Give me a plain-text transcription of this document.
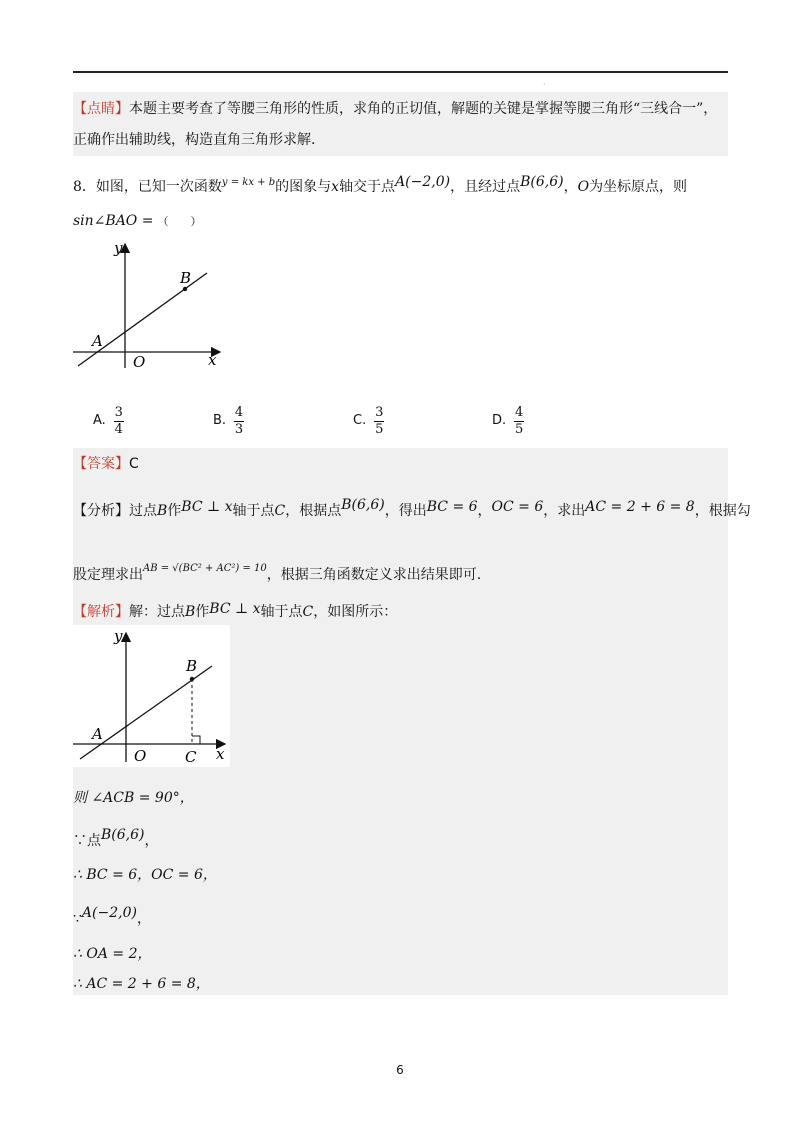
·
【点睛】本题主要考查了等腰三角形的性质，求角的正切值，解题的关键是掌握等腰三角形“三线合一”，
正确作出辅助线，构造直角三角形求解.
8．如图，已知一次函数$^{y = kx + b}$的图象与x轴交于点A(−2,0)，且经过点B(6,6)，O为坐标原点，则
sin∠BAO = （　　）
y
x
B
A
O
A. $\frac{3}{4}$	B. $\frac{4}{3}$	C. $\frac{3}{5}$	D. $\frac{4}{5}$
【答案】C
【分析】过点B作BC ⊥ x轴于点C，根据点B(6,6)，得出BC = 6，OC = 6，求出AC = 2 + 6 = 8，根据勾
股定理求出$^{AB = √(BC^2 + AC^2) = 10}$，根据三角函数定义求出结果即可.
【解析】解：过点B作BC ⊥ x轴于点C，如图所示：
y
x
B
A
O	C
则 ∠ACB = 90°，
∵点B(6,6)，
∴ BC = 6，OC = 6，
∵A(−2,0)，
∴ OA = 2，
∴ AC = 2 + 6 = 8，
6
